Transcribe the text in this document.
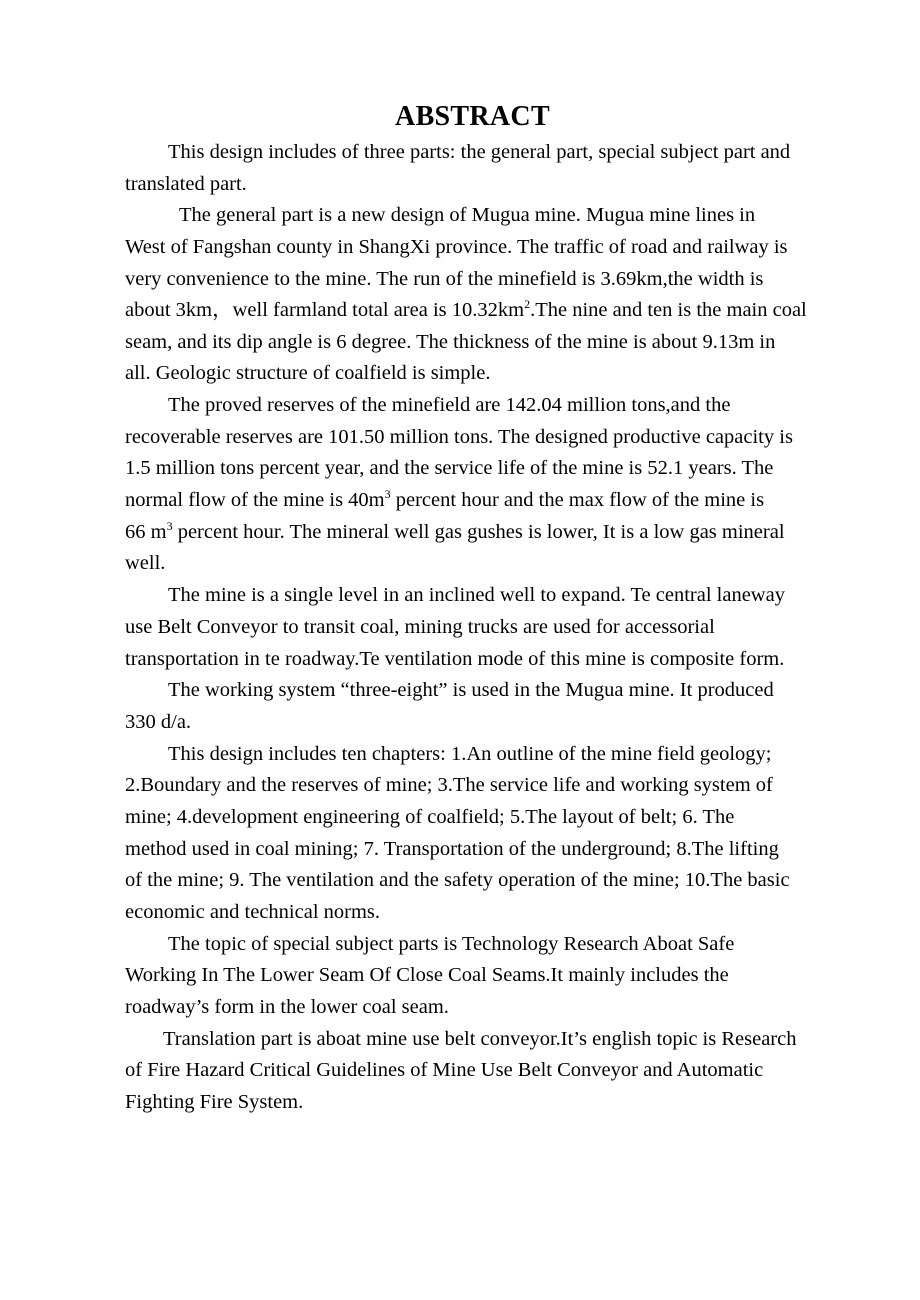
ABSTRACT
This design includes of three parts: the general part, special subject part and
translated part.
The general part is a new design of Mugua mine. Mugua mine lines in
West of Fangshan county in ShangXi province. The traffic of road and railway is
very convenience to the mine. The run of the minefield is 3.69km,the width is
about 3km，well farmland total area is $10.32km^2.The$ nine and ten is the main coal
seam, and its dip angle is 6 degree. The thickness of the mine is about 9.13m in
all. Geologic structure of coalfield is simple.
The proved reserves of the minefield are 142.04 million tons,and the
recoverable reserves are 101.50 million tons. The designed productive capacity is
1.5 million tons percent year, and the service life of the mine is 52.1 years. The
normal flow of the mine is $40m^3$ percent hour and the max flow of the mine is
66 $m^3$ percent hour. The mineral well gas gushes is lower, It is a low gas mineral
well.
The mine is a single level in an inclined well to expand. Te central laneway
use Belt Conveyor to transit coal, mining trucks are used for accessorial
transportation in te roadway.Te ventilation mode of this mine is composite form.
The working system “three-eight” is used in the Mugua mine. It produced
330 d/a.
This design includes ten chapters: 1.An outline of the mine field geology;
2.Boundary and the reserves of mine; 3.The service life and working system of
mine; 4.development engineering of coalfield; 5.The layout of belt; 6. The
method used in coal mining; 7. Transportation of the underground; 8.The lifting
of the mine; 9. The ventilation and the safety operation of the mine; 10.The basic
economic and technical norms.
The topic of special subject parts is Technology Research Aboat Safe
Working In The Lower Seam Of Close Coal Seams.It mainly includes the
roadway’s form in the lower coal seam.
Translation part is aboat mine use belt conveyor.It’s english topic is Research
of Fire Hazard Critical Guidelines of Mine Use Belt Conveyor and Automatic
Fighting Fire System.
